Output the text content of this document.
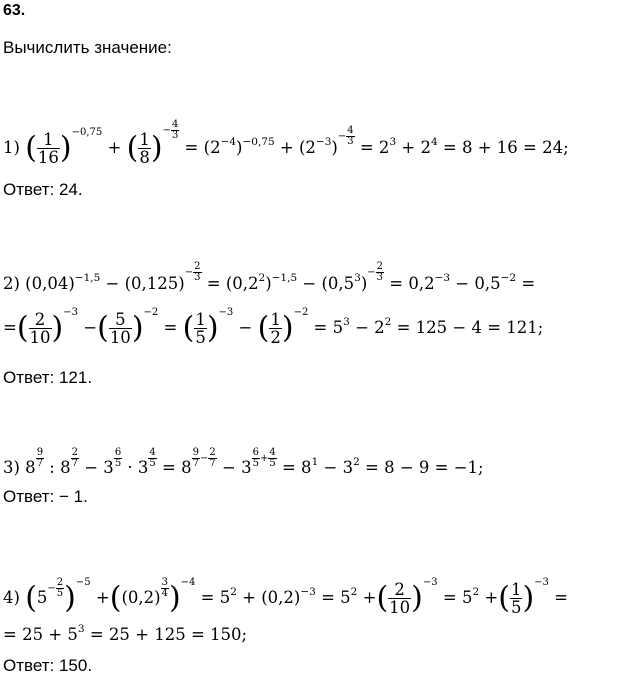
63.
Вычислить значение:
1) ( $\frac{1}{16} )-0,75$ + ( $\frac{1}{8}$ )− $\frac{4}{3}$
= $(2^{-4})^{-0,75} + (2^{-3})- \frac{4}{3}$
= $2^3 + 2^4 = 8 + 16 = 24$;
Ответ: 24.
2) $(0,04)^{-1,5} - (0,125)- \frac{2}{3}$
= $(0,2^2)^{-1,5} - (0,5^3)- \frac{2}{3}$
= $0,2^{-3} - 0,5^{-2}$ =
=( $\frac{2}{10} )-3$ −( $\frac{5}{10} )-2$ = ( $\frac{1}{5} )-3$ − ( $\frac{1}{2} )-2 = 5^3 - 2^2 = 125 - 4 = 121$;
Ответ: 121.
3) $8 \frac{9}{7}$ : $8 \frac{2}{7} - 3 \frac{6}{5} \cdot 3 \frac{4}{5} = 8 \frac{9}{7} - \frac{2}{7} - 3 \frac{6}{5} + \frac{4}{5} = 8^1 - 3^2 = 8 - 9 = -1$;
Ответ: − 1.
4) $(5- \frac{2}{5} )-5 +((0,2) \frac{3}{4} )-4 = 5^2 + (0,2)^{-3} = 5^2$ +( $\frac{2}{10} )-3 = 5^2$ +( $\frac{1}{5} )-3$ =
= $25 + 5^3 = 25 + 125 = 150$;
Ответ: 150.
